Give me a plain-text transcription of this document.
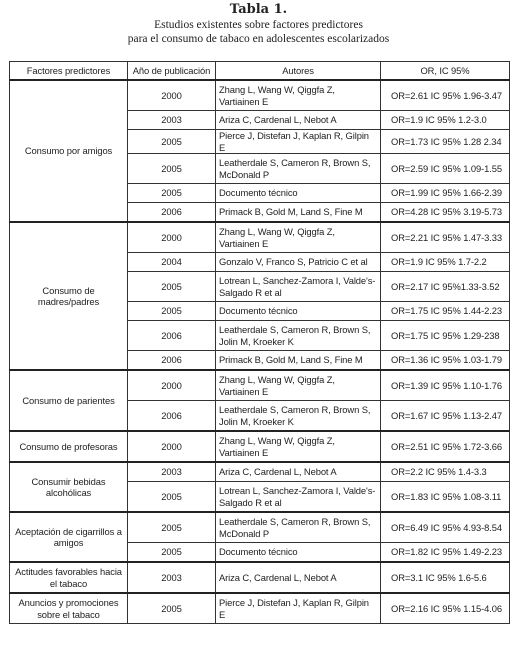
Tabla 1.
Estudios existentes sobre factores predictores
para el consumo de tabaco en adolescentes escolarizados
Factores predictores	Año de publicación	Autores	OR, IC 95%
Consumo por amigos	2000	Zhang L, Wang W, Qiggfa Z, Vartiainen E	OR=2.61 IC 95% 1.96-3.47
	2003	Ariza C, Cardenal L, Nebot A	OR=1.9 IC 95% 1.2-3.0
	2005	Pierce J, Distefan J, Kaplan R, Gilpin E	OR=1.73 IC 95% 1.28 2.34
	2005	Leatherdale S, Cameron R, Brown S, McDonald P	OR=2.59 IC 95% 1.09-1.55
	2005	Documento técnico	OR=1.99 IC 95% 1.66-2.39
	2006	Primack B, Gold M, Land S, Fine M	OR=4.28 IC 95% 3.19-5.73
Consumo de madres/padres	2000	Zhang L, Wang W, Qiggfa Z, Vartiainen E	OR=2.21 IC 95% 1.47-3.33
	2004	Gonzalo V, Franco S, Patricio C et al	OR=1.9 IC 95% 1.7-2.2
	2005	Lotrean L, Sanchez-Zamora I, Valde's-Salgado R et al	OR=2.17 IC 95%1.33-3.52
	2005	Documento técnico	OR=1.75 IC 95% 1.44-2.23
	2006	Leatherdale S, Cameron R, Brown S, Jolin M, Kroeker K	OR=1.75 IC 95% 1.29-238
	2006	Primack B, Gold M, Land S, Fine M	OR=1.36 IC 95% 1.03-1.79
Consumo de parientes	2000	Zhang L, Wang W, Qiggfa Z, Vartiainen E	OR=1.39 IC 95% 1.10-1.76
	2006	Leatherdale S, Cameron R, Brown S, Jolin M, Kroeker K	OR=1.67 IC 95% 1.13-2.47
Consumo de profesoras	2000	Zhang L, Wang W, Qiggfa Z, Vartiainen E	OR=2.51 IC 95% 1.72-3.66
Consumir bebidas alcohólicas	2003	Ariza C, Cardenal L, Nebot A	OR=2.2 IC 95% 1.4-3.3
	2005	Lotrean L, Sanchez-Zamora I, Valde's-Salgado R et al	OR=1.83 IC 95% 1.08-3.11
Aceptación de cigarrillos a amigos	2005	Leatherdale S, Cameron R, Brown S, McDonald P	OR=6.49 IC 95% 4.93-8.54
	2005	Documento técnico	OR=1.82 IC 95% 1.49-2.23
Actitudes favorables hacia el tabaco	2003	Ariza C, Cardenal L, Nebot A	OR=3.1 IC 95% 1.6-5.6
Anuncios y promociones sobre el tabaco	2005	Pierce J, Distefan J, Kaplan R, Gilpin E	OR=2.16 IC 95% 1.15-4.06
